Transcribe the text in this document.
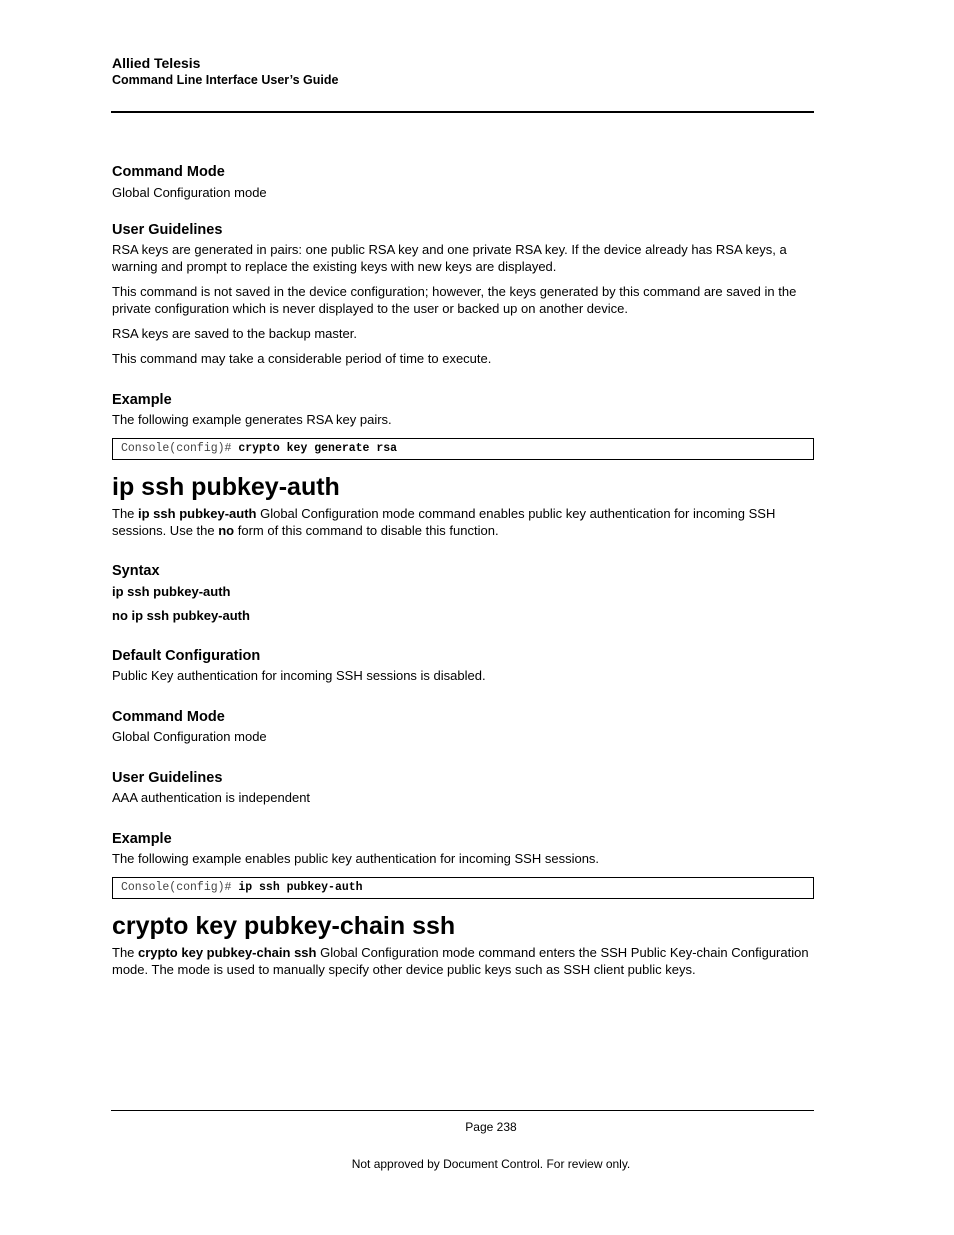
Allied Telesis
Command Line Interface User’s Guide
Command Mode

Global Configuration mode

User Guidelines

RSA keys are generated in pairs: one public RSA key and one private RSA key. If the device already has RSA keys, a warning and prompt to replace the existing keys with new keys are displayed.

This command is not saved in the device configuration; however, the keys generated by this command are saved in the private configuration which is never displayed to the user or backed up on another device.

RSA keys are saved to the backup master.

This command may take a considerable period of time to execute.

Example

The following example generates RSA key pairs.

Console(config)# crypto key generate rsa
ip ssh pubkey-auth

The ip ssh pubkey-auth Global Configuration mode command enables public key authentication for incoming SSH sessions. Use the no form of this command to disable this function.

Syntax

ip ssh pubkey-auth

no ip ssh pubkey-auth

Default Configuration

Public Key authentication for incoming SSH sessions is disabled.

Command Mode

Global Configuration mode

User Guidelines

AAA authentication is independent

Example

The following example enables public key authentication for incoming SSH sessions.

Console(config)# ip ssh pubkey-auth
crypto key pubkey-chain ssh

The crypto key pubkey-chain ssh Global Configuration mode command enters the SSH Public Key-chain Configuration mode. The mode is used to manually specify other device public keys such as SSH client public keys.

Page 238
Not approved by Document Control. For review only.
